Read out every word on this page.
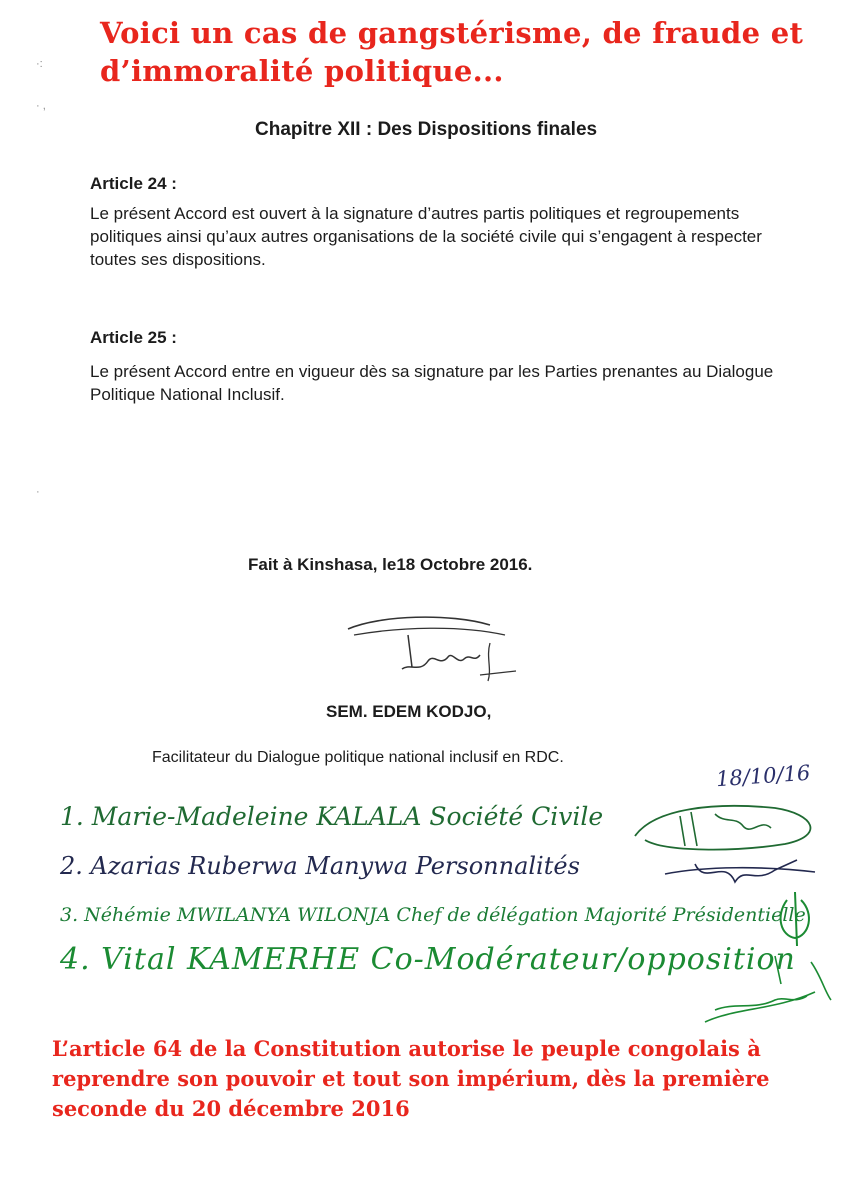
·:

· ,

·

Voici un cas de gangstérisme, de fraude et d’immoralité politique...
Chapitre XII : Des Dispositions finales

Article 24 :

Le présent Accord est ouvert à la signature d’autres partis politiques et regroupements politiques ainsi qu’aux autres organisations de la société civile qui s’engagent à respecter toutes ses dispositions.

Article 25 :

Le présent Accord entre en vigueur dès sa signature par les Parties prenantes au Dialogue Politique National Inclusif.

Fait à Kinshasa, le18 Octobre 2016.

SEM. EDEM KODJO,

Facilitateur du Dialogue politique national inclusif en RDC.

18/10/16

1. Marie-Madeleine KALALA Société Civile

2. Azarias Ruberwa Manywa Personnalités

3. Néhémie MWILANYA WILONJA Chef de délégation Majorité Présidentielle

4. Vital KAMERHE Co-Modérateur/opposition

L’article 64 de la Constitution autorise le peuple congolais à reprendre son pouvoir et tout son impérium, dès la première seconde du 20 décembre 2016
